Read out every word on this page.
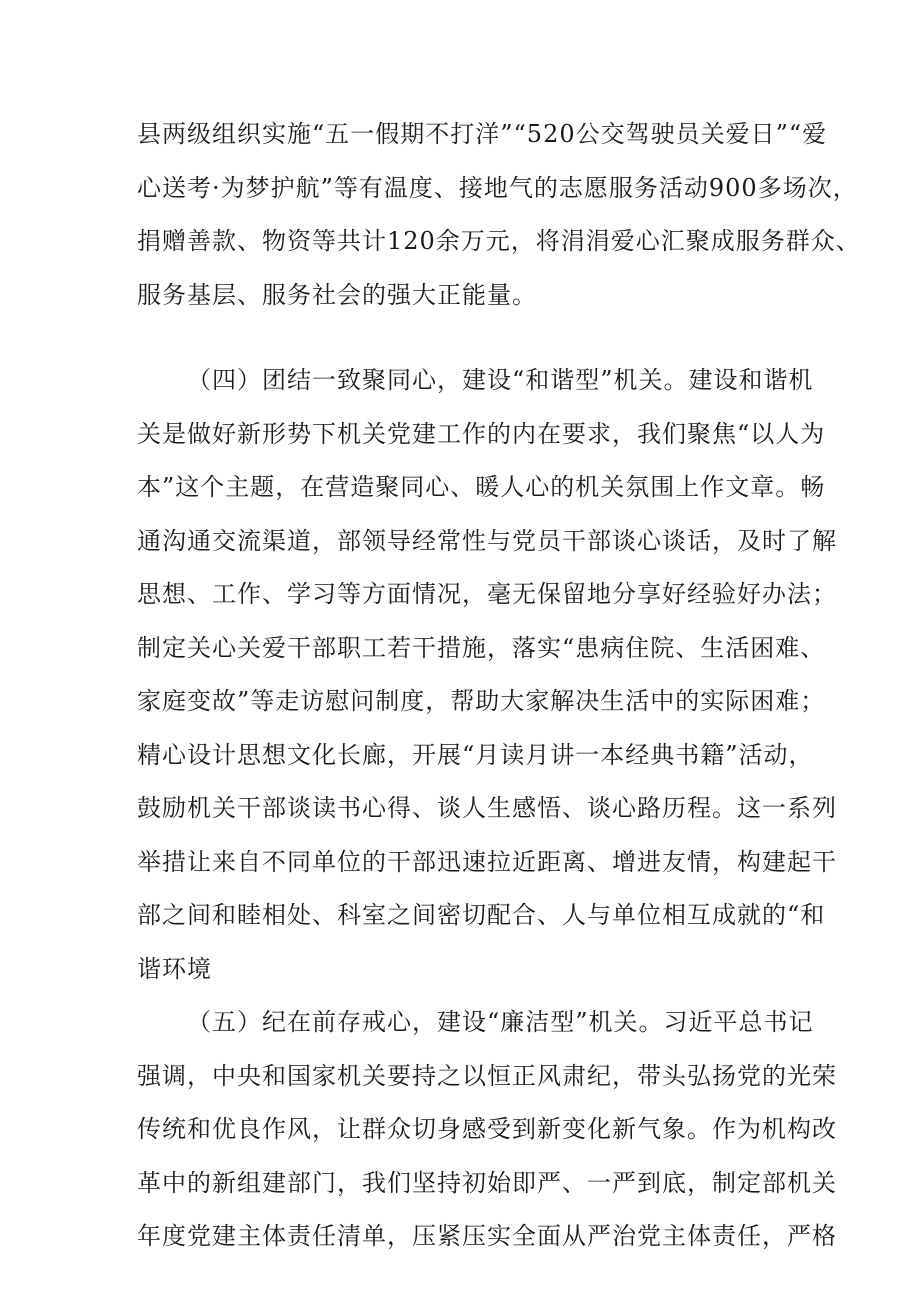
县两级组织实施“五一假期不打洋”“520公交驾驶员关爱日”“爱

心送考·为梦护航”等有温度、接地气的志愿服务活动900多场次，

捐赠善款、物资等共计120余万元，将涓涓爱心汇聚成服务群众、

服务基层、服务社会的强大正能量。

（四）团结一致聚同心，建设“和谐型”机关。建设和谐机

关是做好新形势下机关党建工作的内在要求，我们聚焦“以人为

本”这个主题，在营造聚同心、暖人心的机关氛围上作文章。畅

通沟通交流渠道，部领导经常性与党员干部谈心谈话，及时了解

思想、工作、学习等方面情况，毫无保留地分享好经验好办法；

制定关心关爱干部职工若干措施，落实“患病住院、生活困难、

家庭变故”等走访慰问制度，帮助大家解决生活中的实际困难；

精心设计思想文化长廊，开展“月读月讲一本经典书籍”活动，

鼓励机关干部谈读书心得、谈人生感悟、谈心路历程。这一系列

举措让来自不同单位的干部迅速拉近距离、增进友情，构建起干

部之间和睦相处、科室之间密切配合、人与单位相互成就的“和

谐环境

（五）纪在前存戒心，建设“廉洁型”机关。习近平总书记

强调，中央和国家机关要持之以恒正风肃纪，带头弘扬党的光荣

传统和优良作风，让群众切身感受到新变化新气象。作为机构改

革中的新组建部门，我们坚持初始即严、一严到底，制定部机关

年度党建主体责任清单，压紧压实全面从严治党主体责任，严格
